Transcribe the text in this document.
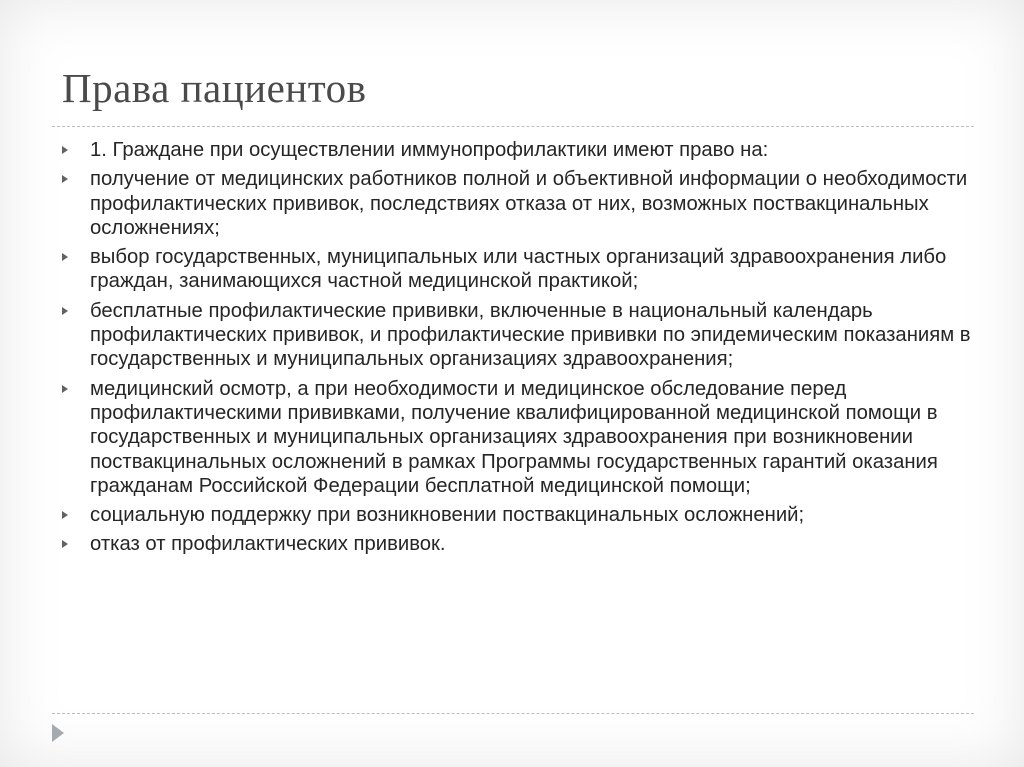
Права пациентов
1. Граждане при осуществлении иммунопрофилактики имеют право на:
получение от медицинских работников полной и объективной информации о необходимости профилактических прививок, последствиях отказа от них, возможных поствакцинальных осложнениях;
выбор государственных, муниципальных или частных организаций здравоохранения либо граждан, занимающихся частной медицинской практикой;
бесплатные профилактические прививки, включенные в национальный календарь профилактических прививок, и профилактические прививки по эпидемическим показаниям в государственных и муниципальных организациях здравоохранения;
медицинский осмотр, а при необходимости и медицинское обследование перед профилактическими прививками, получение квалифицированной медицинской помощи в государственных и муниципальных организациях здравоохранения при возникновении поствакцинальных осложнений в рамках Программы государственных гарантий оказания гражданам Российской Федерации бесплатной медицинской помощи;
социальную поддержку при возникновении поствакцинальных осложнений;
отказ от профилактических прививок.
